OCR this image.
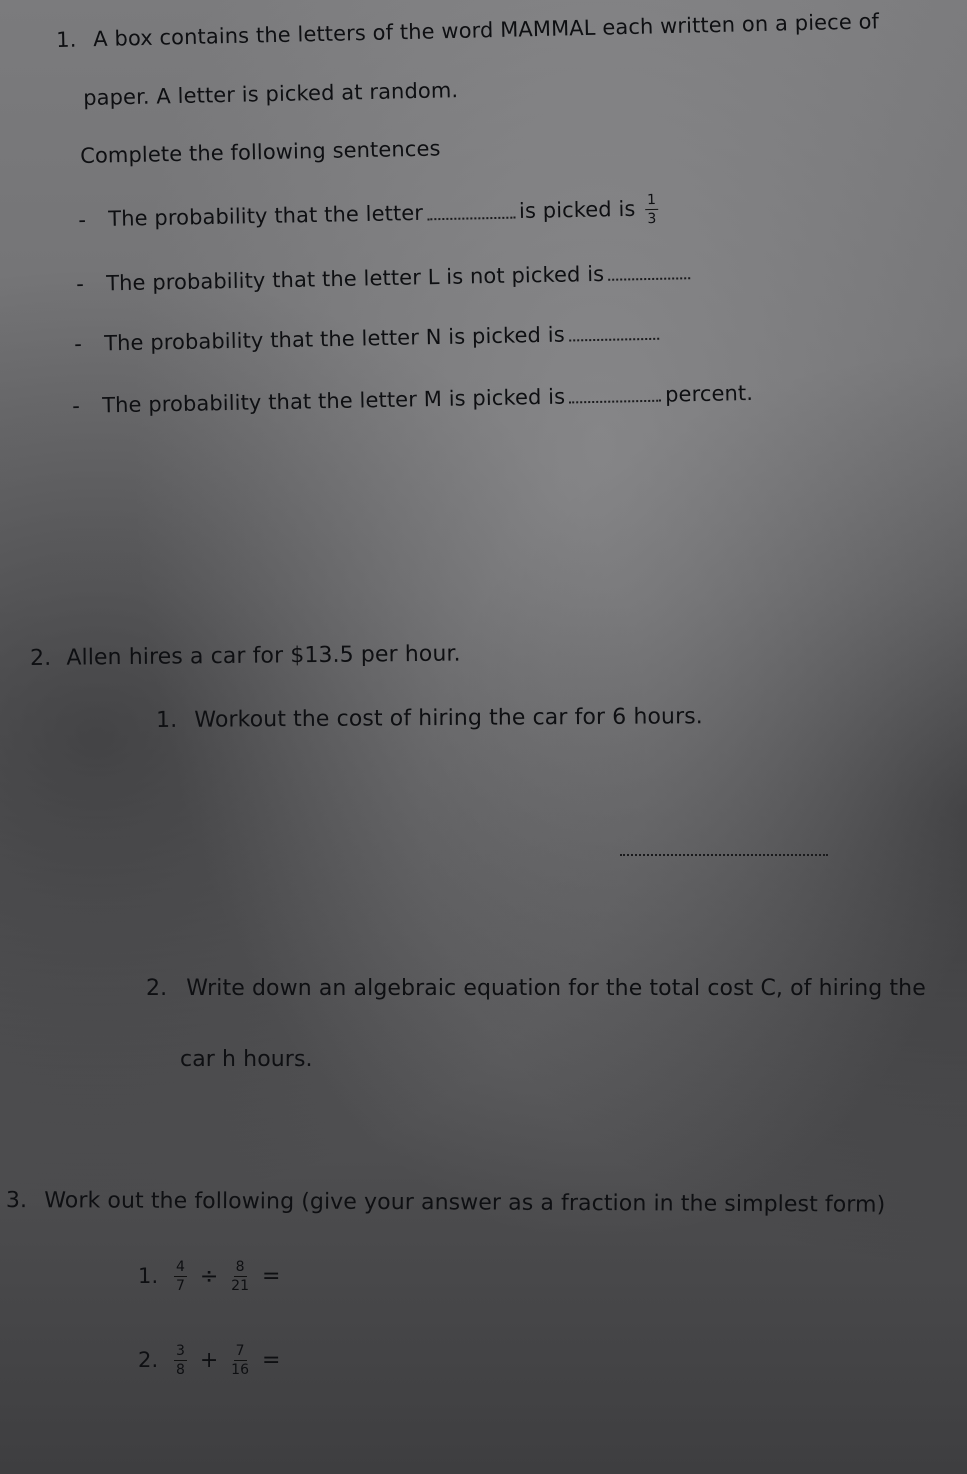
1. A box contains the letters of the word MAMMAL each written on a piece of
paper. A letter is picked at random.
Complete the following sentences
- The probability that the letter	is picked is $\frac{1}{3}$
- The probability that the letter L is not picked is
- The probability that the letter N is picked is
- The probability that the letter M is picked is	percent.
2. Allen hires a car for $13.5 per hour.
1. Workout the cost of hiring the car for 6 hours.
2. Write down an algebraic equation for the total cost C, of hiring the
car h hours.
3. Work out the following (give your answer as a fraction in the simplest form)
1. $\frac{4}{7} \div \frac{8}{21}$ =
2. $\frac{3}{8} + \frac{7}{16}$ =
